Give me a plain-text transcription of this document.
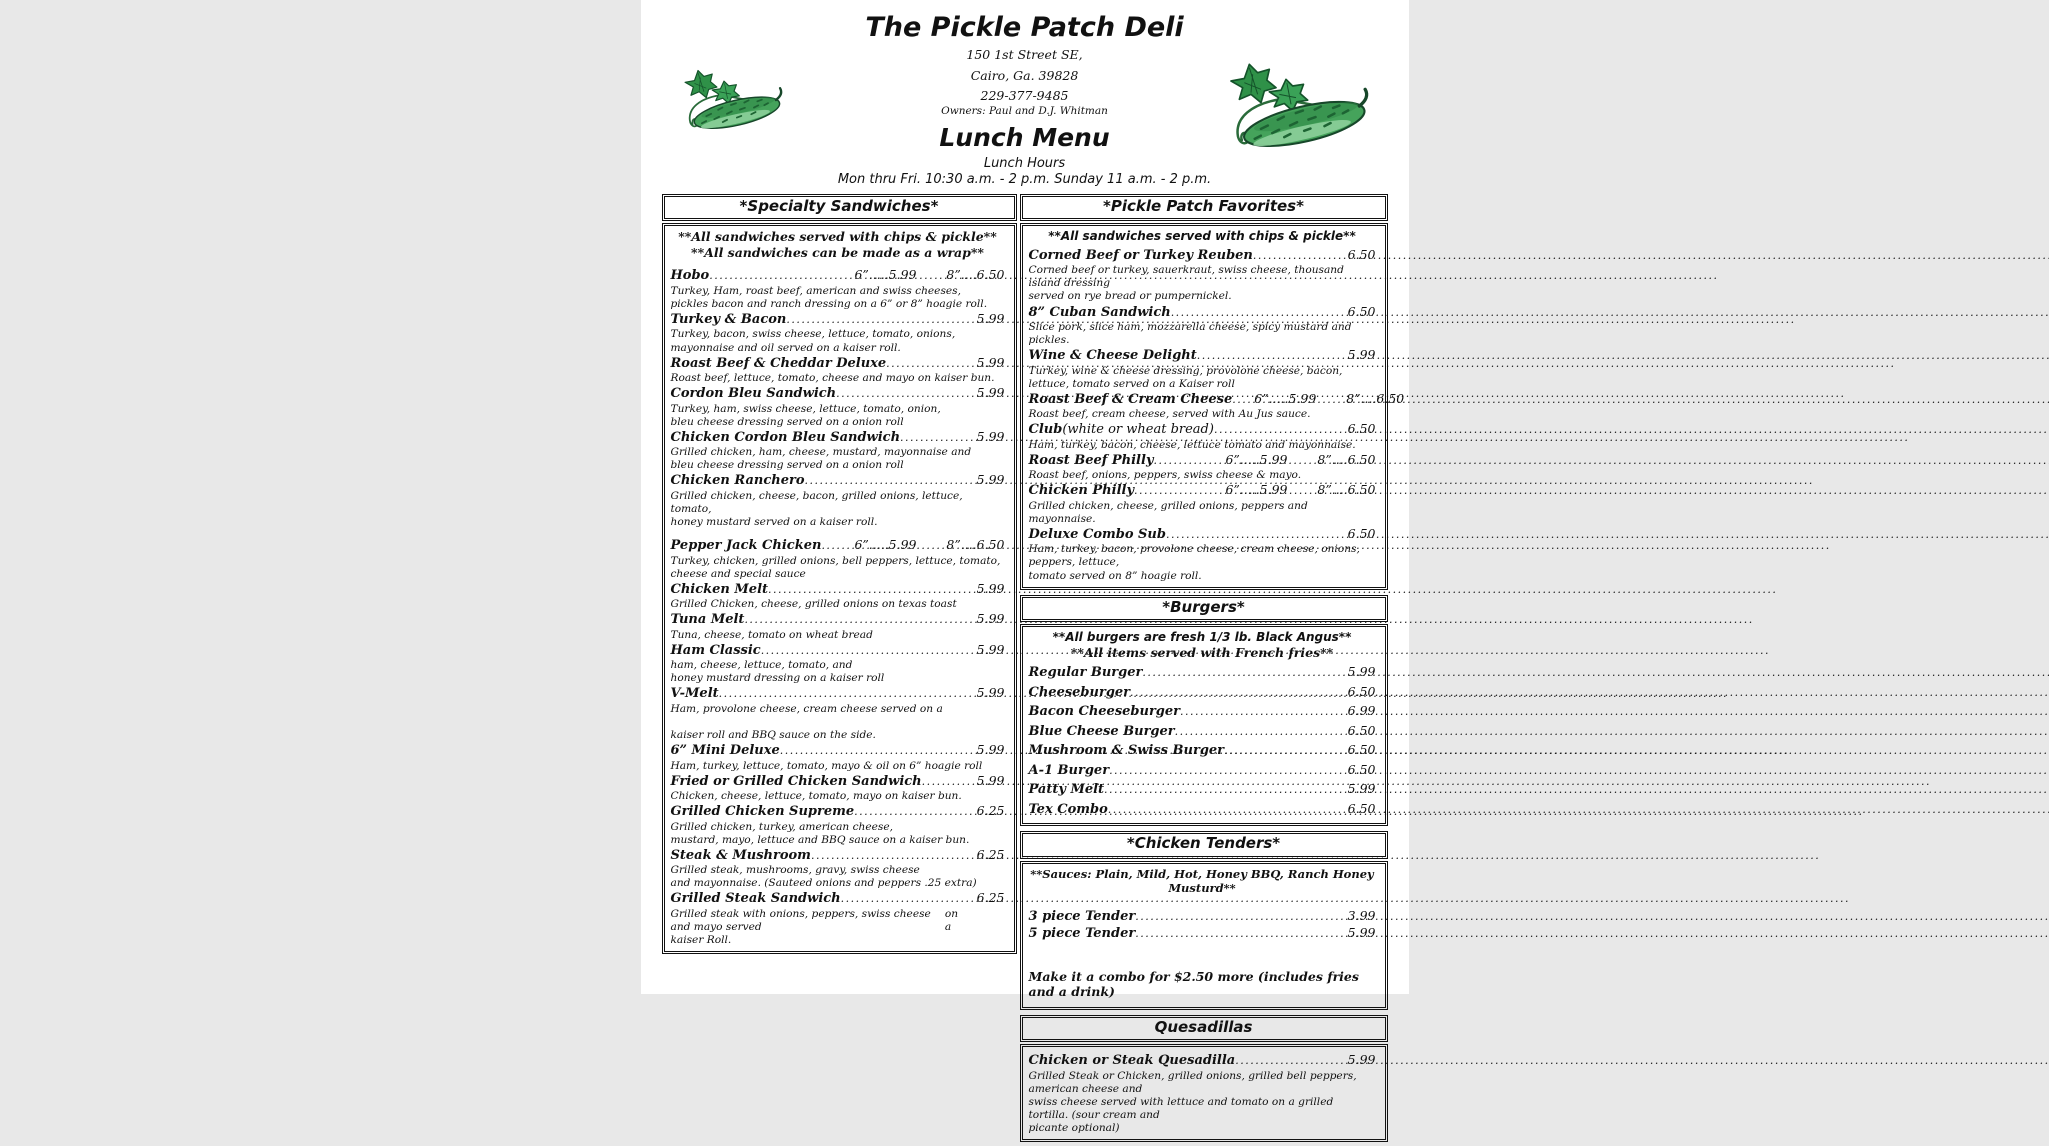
The Pickle Patch Deli
150 1st Street SE,
Cairo, Ga. 39828
229-377-9485
Owners: Paul and D.J. Whitman
Lunch Menu
Lunch Hours
Mon thru Fri. 10:30 a.m. - 2 p.m. Sunday 11 a.m. - 2 p.m.
*Specialty Sandwiches*
**All sandwiches served with chips & pickle**
**All sandwiches can be made as a wrap**
Hobo .....	6”.....5.99	8”....6.50
Turkey, Ham, roast beef, american and swiss cheeses,
pickles bacon and ranch dressing on a 6” or 8” hoagie roll.
Turkey & Bacon .....	5.99
Turkey, bacon, swiss cheese, lettuce, tomato, onions,
mayonnaise and oil served on a kaiser roll.
Roast Beef & Cheddar Deluxe .....	5.99
Roast beef, lettuce, tomato, cheese and mayo on kaiser bun.
Cordon Bleu Sandwich .....	5.99
Turkey, ham, swiss cheese, lettuce, tomato, onion,
bleu cheese dressing served on a onion roll
Chicken Cordon Bleu Sandwich .....	5.99
Grilled chicken, ham, cheese, mustard, mayonnaise and
bleu cheese dressing served on a onion roll
Chicken Ranchero .....	5.99
Grilled chicken, cheese, bacon, grilled onions, lettuce, tomato,
honey mustard served on a kaiser roll.
Pepper Jack Chicken .....	6”.....5.99	8”....6.50
Turkey, chicken, grilled onions, bell peppers, lettuce, tomato,
cheese and special sauce
Chicken Melt .....	5.99
Grilled Chicken, cheese, grilled onions on texas toast
Tuna Melt .....	5.99
Tuna, cheese, tomato on wheat bread
Ham Classic .....	5.99
ham, cheese, lettuce, tomato, and
honey mustard dressing on a kaiser roll
V-Melt .....	5.99
Ham, provolone cheese, cream cheese served on a

kaiser roll and BBQ sauce on the side.
6” Mini Deluxe .....	5.99
Ham, turkey, lettuce, tomato, mayo & oil on 6” hoagie roll
Fried or Grilled Chicken Sandwich .....	5.99
Chicken, cheese, lettuce, tomato, mayo on kaiser bun.
Grilled Chicken Supreme .....	6.25
Grilled chicken, turkey, american cheese,
mustard, mayo, lettuce and BBQ sauce on a kaiser bun.
Steak & Mushroom .....	6.25
Grilled steak, mushrooms, gravy, swiss cheese
and mayonnaise. (Sauteed onions and peppers .25 extra)
Grilled Steak Sandwich .....	6.25
Grilled steak with onions, peppers, swiss cheese and mayo served
on a
kaiser Roll.
*Pickle Patch Favorites*
**All sandwiches served with chips & pickle**
Corned Beef or Turkey Reuben .....	6.50
Corned beef or turkey, sauerkraut, swiss cheese, thousand island dressing
served on rye bread or pumpernickel.
8” Cuban Sandwich .....	6.50
Slice pork, slice ham, mozzarella cheese, spicy mustard and pickles.
Wine & Cheese Delight .....	5.99
Turkey, wine & cheese dressing, provolone cheese, bacon,
lettuce, tomato served on a Kaiser roll
Roast Beef & Cream Cheese .....	6”.....5.99	8”....6.50
Roast beef, cream cheese, served with Au Jus sauce.
Club (white or wheat bread) .....	6.50
Ham, turkey, bacon, cheese, lettuce tomato and mayonnaise.
Roast Beef Philly .....	6”.....5.99	8”....6.50
Roast beef, onions, peppers, swiss cheese & mayo.
Chicken Philly .....	6”.....5.99	8”....6.50
Grilled chicken, cheese, grilled onions, peppers and mayonnaise.
Deluxe Combo Sub .....	6.50
Ham, turkey, bacon, provolone cheese, cream cheese, onions, peppers, lettuce,
tomato served on 8” hoagie roll.
*Burgers*
**All burgers are fresh 1/3 lb. Black Angus**
**All items served with French fries**
Regular Burger .....	5.99
Cheeseburger .....	6.50
Bacon Cheeseburger .....	6.99
Blue Cheese Burger .....	6.50
Mushroom & Swiss Burger .....	6.50
A-1 Burger .....	6.50
Patty Melt .....	5.99
Tex Combo .....	6.50
*Chicken Tenders*
**Sauces: Plain, Mild, Hot, Honey BBQ, Ranch Honey Musturd**
3 piece Tender .....	3.99
5 piece Tender .....	5.99
Make it a combo for $2.50 more (includes fries and a drink)
Quesadillas
Chicken or Steak Quesadilla .....	5.99
Grilled Steak or Chicken, grilled onions, grilled bell peppers, american cheese and
swiss cheese served with lettuce and tomato on a grilled tortilla. (sour cream and
picante optional)
